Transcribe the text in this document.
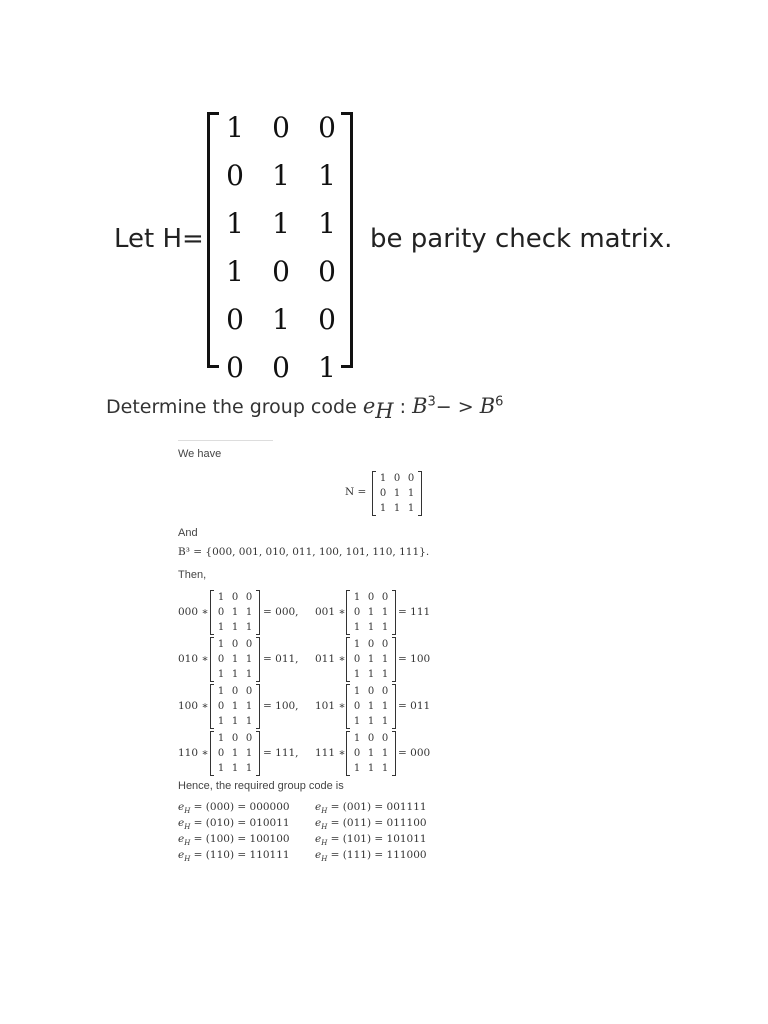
Let H=
1	0	0
0	1	1
1	1	1
1	0	0
0	1	0
0	0	1
be parity check matrix.
Determine the group code $e_H$ : $B^3- > B^6$
We have
N =
1 0 0
0 1 1
1 1 1
And
B³ = {000, 001, 010, 011, 100, 101, 110, 111}.
Then,
000 ∗
1 0 0
0 1 1
1 1 1
= 000, 001 ∗
1 0 0
0 1 1
1 1 1
= 111
010 ∗
1 0 0
0 1 1
1 1 1
= 011, 011 ∗
1 0 0
0 1 1
1 1 1
= 100
100 ∗
1 0 0
0 1 1
1 1 1
= 100, 101 ∗
1 0 0
0 1 1
1 1 1
= 011
110 ∗
1 0 0
0 1 1
1 1 1
= 111, 111 ∗
1 0 0
0 1 1
1 1 1
= 000
Hence, the required group code is
$e_H = (000) = 000000$ $e_H = (001) = 001111$
$e_H = (010) = 010011$ $e_H = (011) = 011100$
$e_H = (100) = 100100$ $e_H = (101) = 101011$
$e_H = (110) = 110111$ $e_H = (111) = 111000$
